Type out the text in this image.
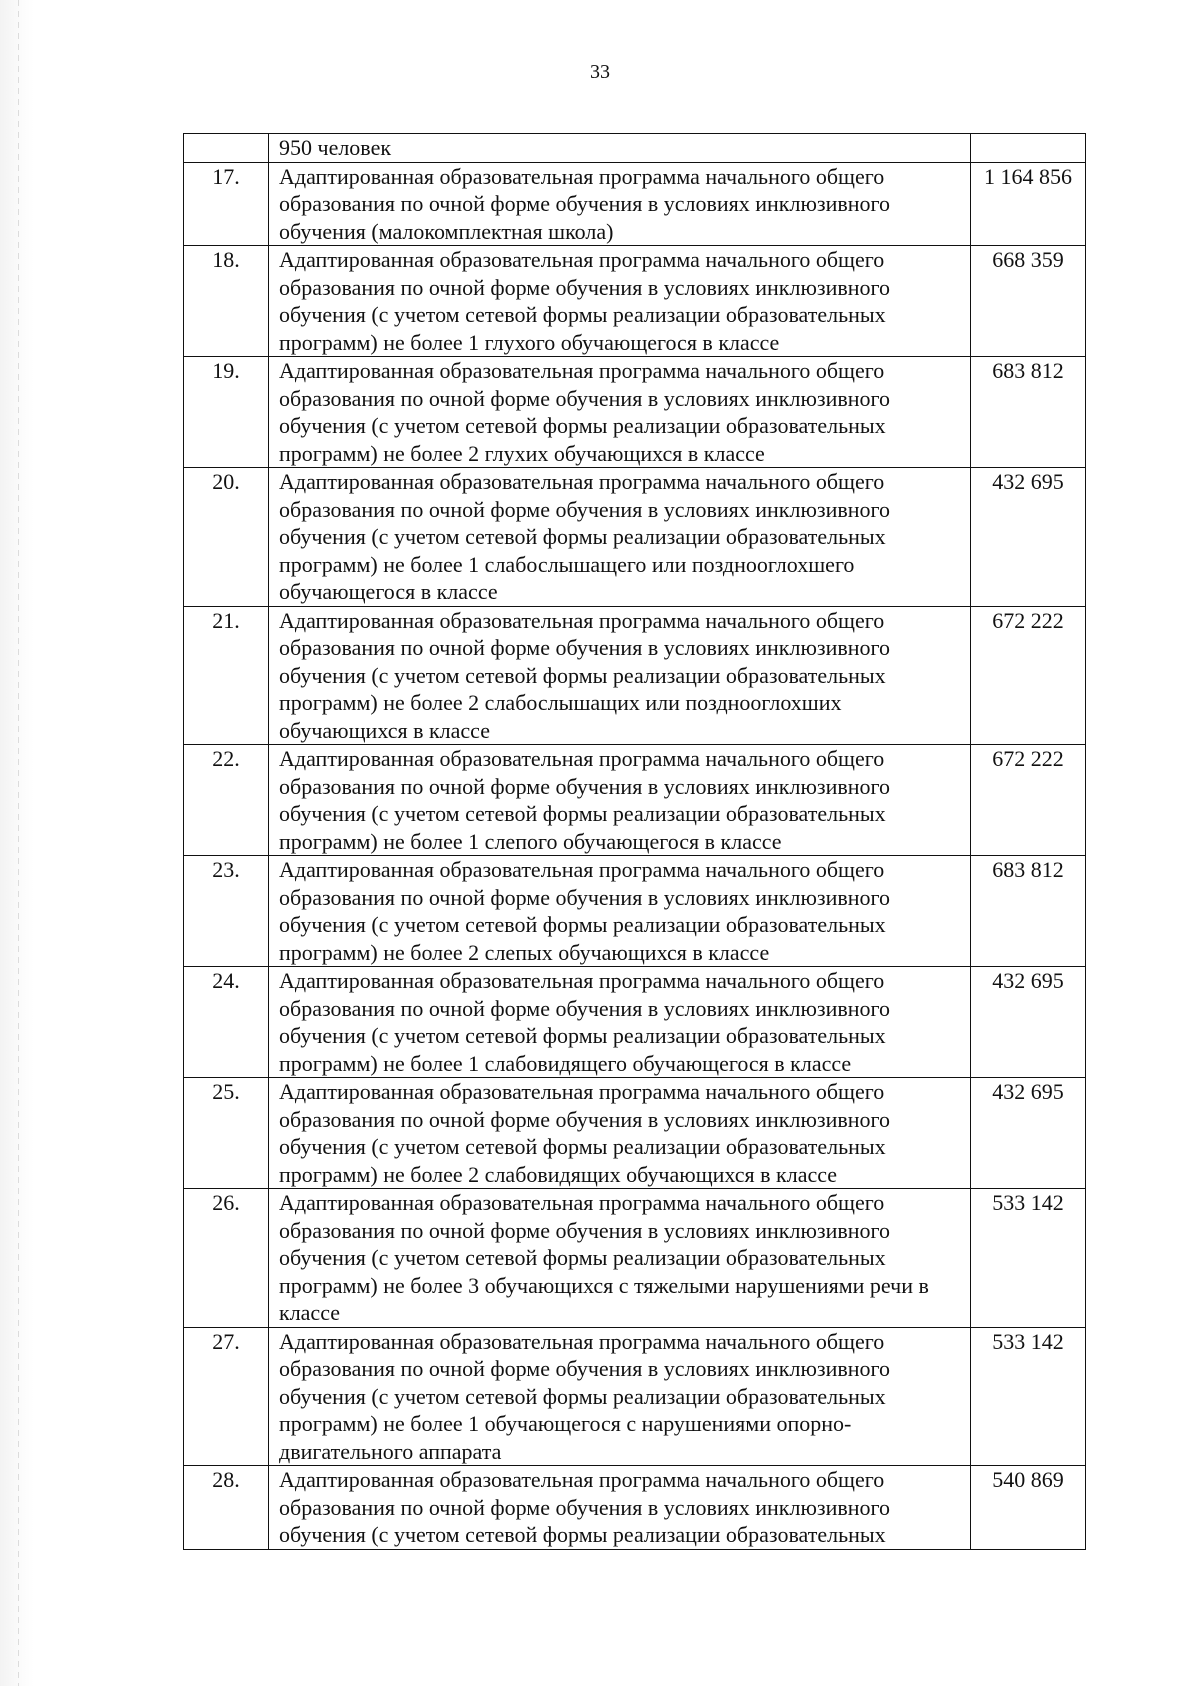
33
	950 человек	
17.	Адаптированная образовательная программа начального общего образования по очной форме обучения в условиях инклюзивного обучения (малокомплектная школа)	1 164 856
18.	Адаптированная образовательная программа начального общего образования по очной форме обучения в условиях инклюзивного обучения (с учетом сетевой формы реализации образовательных программ) не более 1 глухого обучающегося в классе	668 359
19.	Адаптированная образовательная программа начального общего образования по очной форме обучения в условиях инклюзивного обучения (с учетом сетевой формы реализации образовательных программ) не более 2 глухих обучающихся в классе	683 812
20.	Адаптированная образовательная программа начального общего образования по очной форме обучения в условиях инклюзивного обучения (с учетом сетевой формы реализации образовательных программ) не более 1 слабослышащего или позднооглохшего обучающегося в классе	432 695
21.	Адаптированная образовательная программа начального общего образования по очной форме обучения в условиях инклюзивного обучения (с учетом сетевой формы реализации образовательных программ) не более 2 слабослышащих или позднооглохших обучающихся в классе	672 222
22.	Адаптированная образовательная программа начального общего образования по очной форме обучения в условиях инклюзивного обучения (с учетом сетевой формы реализации образовательных программ) не более 1 слепого обучающегося в классе	672 222
23.	Адаптированная образовательная программа начального общего образования по очной форме обучения в условиях инклюзивного обучения (с учетом сетевой формы реализации образовательных программ) не более 2 слепых обучающихся в классе	683 812
24.	Адаптированная образовательная программа начального общего образования по очной форме обучения в условиях инклюзивного обучения (с учетом сетевой формы реализации образовательных программ) не более 1 слабовидящего обучающегося в классе	432 695
25.	Адаптированная образовательная программа начального общего образования по очной форме обучения в условиях инклюзивного обучения (с учетом сетевой формы реализации образовательных программ) не более 2 слабовидящих обучающихся в классе	432 695
26.	Адаптированная образовательная программа начального общего образования по очной форме обучения в условиях инклюзивного обучения (с учетом сетевой формы реализации образовательных программ) не более 3 обучающихся с тяжелыми нарушениями речи в классе	533 142
27.	Адаптированная образовательная программа начального общего образования по очной форме обучения в условиях инклюзивного обучения (с учетом сетевой формы реализации образовательных программ) не более 1 обучающегося с нарушениями опорно-двигательного аппарата	533 142
28.	Адаптированная образовательная программа начального общего образования по очной форме обучения в условиях инклюзивного обучения (с учетом сетевой формы реализации образовательных	540 869
